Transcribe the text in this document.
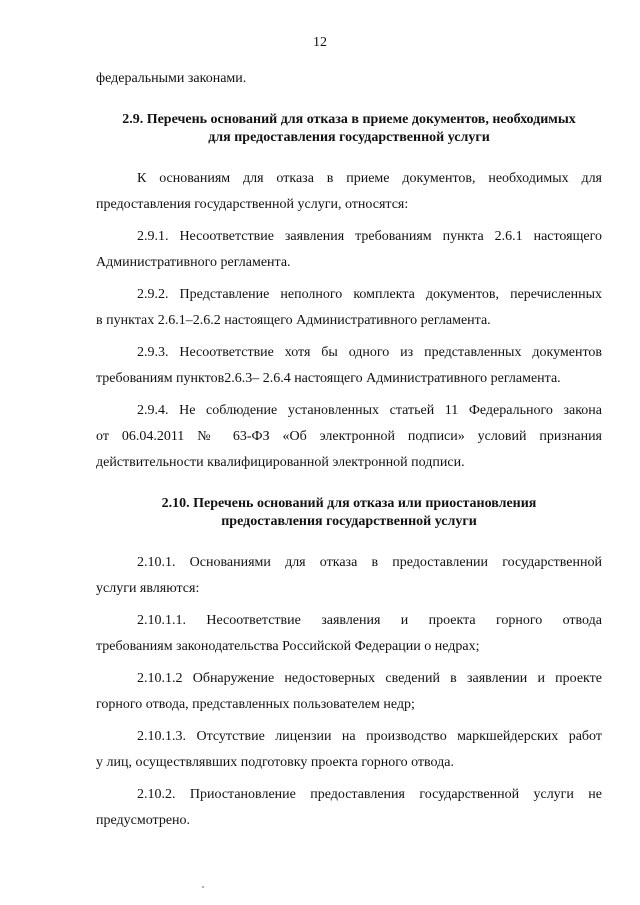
12
федеральными законами.
2.9. Перечень оснований для отказа в приеме документов, необходимых
для предоставления государственной услуги
К основаниям для отказа в приеме документов, необходимых для
предоставления государственной услуги, относятся:
2.9.1. Несоответствие заявления требованиям пункта 2.6.1 настоящего
Административного регламента.
2.9.2. Представление неполного комплекта документов, перечисленных
в пунктах 2.6.1–2.6.2 настоящего Административного регламента.
2.9.3. Несоответствие хотя бы одного из представленных документов
требованиям пунктов2.6.3– 2.6.4 настоящего Административного регламента.
2.9.4. Не соблюдение установленных статьей 11 Федерального закона
от 06.04.2011 № 63-ФЗ «Об электронной подписи» условий признания
действительности квалифицированной электронной подписи.
2.10. Перечень оснований для отказа или приостановления
предоставления государственной услуги
2.10.1. Основаниями для отказа в предоставлении государственной
услуги являются:
2.10.1.1. Несоответствие заявления и проекта горного отвода
требованиям законодательства Российской Федерации о недрах;
2.10.1.2 Обнаружение недостоверных сведений в заявлении и проекте
горного отвода, представленных пользователем недр;
2.10.1.3. Отсутствие лицензии на производство маркшейдерских работ
у лиц, осуществлявших подготовку проекта горного отвода.
2.10.2. Приостановление предоставления государственной услуги не
предусмотрено.
